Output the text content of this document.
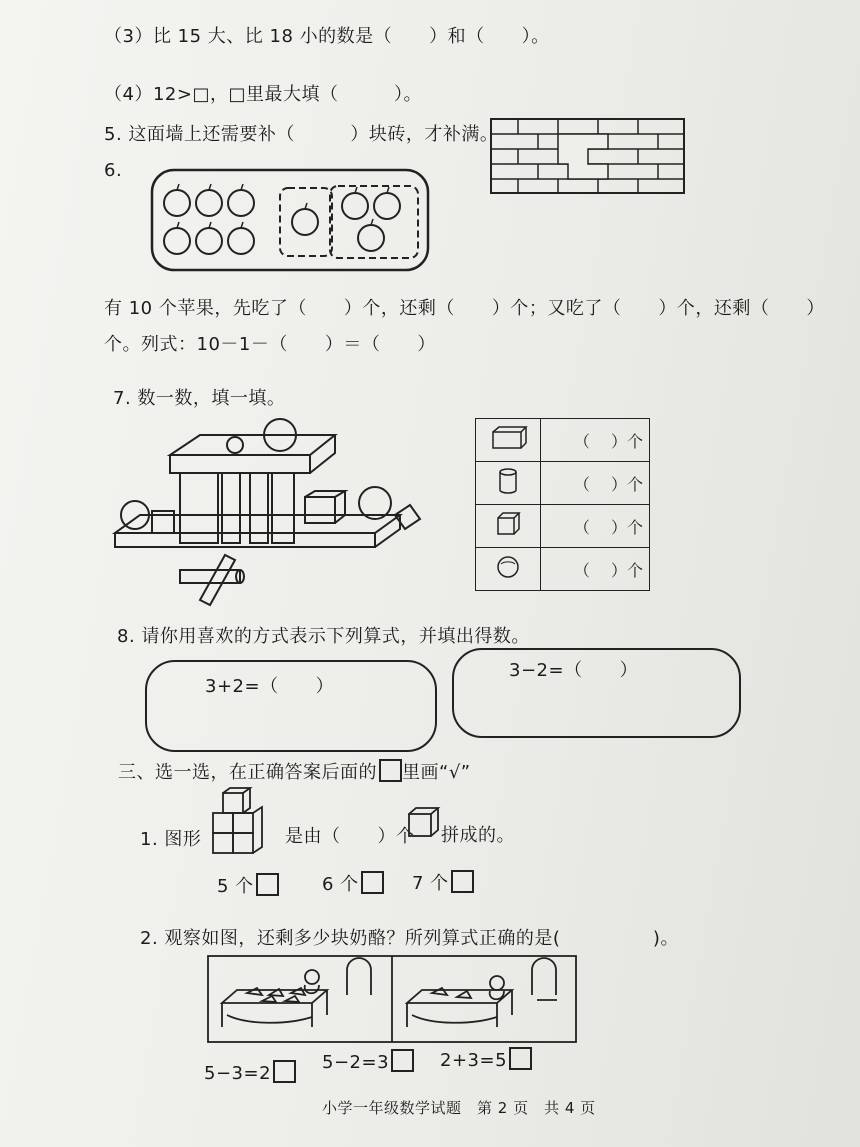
（3）比 15 大、比 18 小的数是（　　）和（　　）。
（4）12>□，□里最大填（　　　）。
5. 这面墙上还需要补（　　　）块砖，才补满。
6.
有 10 个苹果，先吃了（　　）个，还剩（　　）个；又吃了（　　）个，还剩（　　）
个。列式：10－1－（　　）＝（　　）
7. 数一数，填一填。
	（　 ）个
	（　 ）个
	（　 ）个
	（　 ）个
8. 请你用喜欢的方式表示下列算式，并填出得数。
3+2=（　　）
3−2=（　　）
三、选一选，在正确答案后面的 里画“√”
1. 图形	是由（　　）个 拼成的。
5 个	6 个	7 个
2. 观察如图，还剩多少块奶酪？所列算式正确的是(　　　　　)。
5−3=2
5−2=3	2+3=5
小学一年级数学试题　第 2 页　共 4 页
